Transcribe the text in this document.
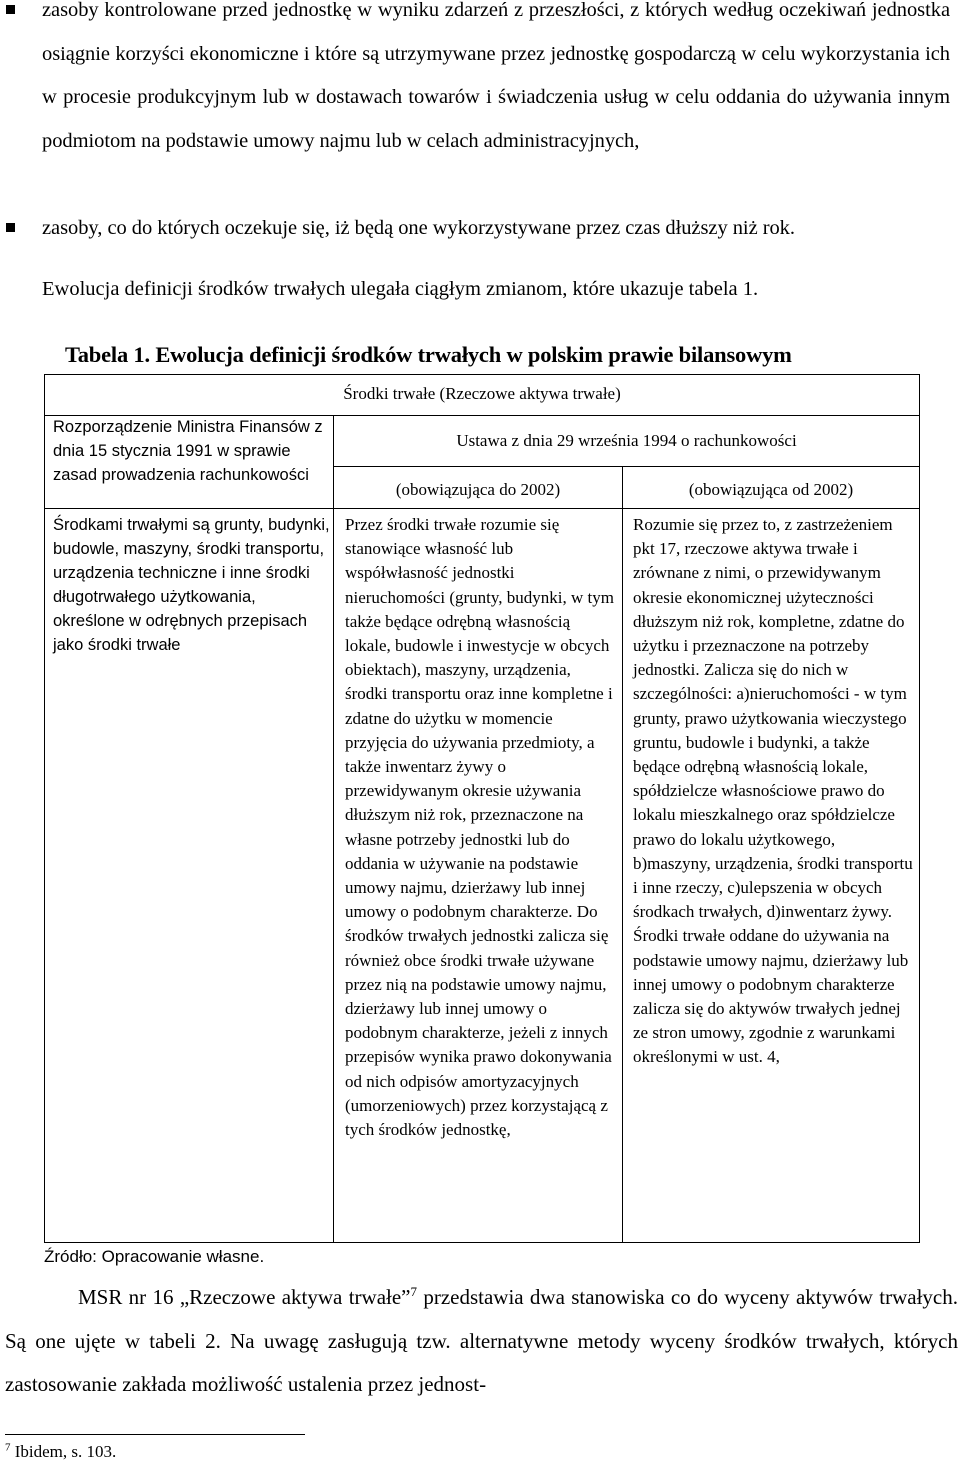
zasoby kontrolowane przed jednostkę w wyniku zdarzeń z przeszłości, z których według oczekiwań jednostka osiągnie korzyści ekonomiczne i które są utrzymywane przez jednostkę gospodarczą w celu wykorzystania ich w procesie produkcyjnym lub w dostawach towarów i świadczenia usług w celu oddania do używania innym podmiotom na podstawie umowy najmu lub w celach administracyjnych,
zasoby, co do których oczekuje się, iż będą one wykorzystywane przez czas dłuższy niż rok.
Ewolucja definicji środków trwałych ulegała ciągłym zmianom, które ukazuje tabela 1.
Tabela 1. Ewolucja definicji środków trwałych w polskim prawie bilansowym
Środki trwałe (Rzeczowe aktywa trwałe)
Rozporządzenie Ministra Finansów z dnia 15 stycznia 1991 w sprawie zasad prowadzenia rachunkowości
Ustawa z dnia 29 września 1994 o rachunkowości
(obowiązująca do 2002)	(obowiązująca od 2002)
Środkami trwałymi są grunty, budynki, budowle, maszyny, środki transportu, urządzenia techniczne i inne środki długotrwałego użytkowania, określone w odrębnych przepisach jako środki trwałe
Przez środki trwałe rozumie się stanowiące własność lub współwłasność jednostki nieruchomości (grunty, budynki, w tym także będące odrębną własnością lokale, budowle i inwestycje w obcych obiektach), maszyny, urządzenia, środki transportu oraz inne kompletne i zdatne do użytku w momencie przyjęcia do używania przedmioty, a także inwentarz żywy o przewidywanym okresie używania dłuższym niż rok, przeznaczone na własne potrzeby jednostki lub do oddania w używanie na podstawie umowy najmu, dzierżawy lub innej umowy o podobnym charakterze. Do środków trwałych jednostki zalicza się również obce środki trwałe używane przez nią na podstawie umowy najmu, dzierżawy lub innej umowy o podobnym charakterze, jeżeli z innych przepisów wynika prawo dokonywania od nich odpisów amortyzacyjnych (umorzeniowych) przez korzystającą z tych środków jednostkę,
Rozumie się przez to, z zastrzeżeniem pkt 17, rzeczowe aktywa trwałe i zrównane z nimi, o przewidywanym okresie ekonomicznej użyteczności dłuższym niż rok, kompletne, zdatne do użytku i przeznaczone na potrzeby jednostki. Zalicza się do nich w szczególności: a)nieruchomości - w tym grunty, prawo użytkowania wieczystego gruntu, budowle i budynki, a także będące odrębną własnością lokale, spółdzielcze własnościowe prawo do lokalu mieszkalnego oraz spółdzielcze prawo do lokalu użytkowego, b)maszyny, urządzenia, środki transportu i inne rzeczy, c)ulepszenia w obcych środkach trwałych, d)inwentarz żywy. Środki trwałe oddane do używania na podstawie umowy najmu, dzierżawy lub innej umowy o podobnym charakterze zalicza się do aktywów trwałych jednej ze stron umowy, zgodnie z warunkami określonymi w ust. 4,
Źródło: Opracowanie własne.
MSR nr 16 „Rzeczowe aktywa trwałe”$^7$ przedstawia dwa stanowiska co do wyceny aktywów trwałych. Są one ujęte w tabeli 2. Na uwagę zasługują tzw. alternatywne metody wyceny środków trwałych, których zastosowanie zakłada możliwość ustalenia przez jednost-
$^7$ Ibidem, s. 103.
